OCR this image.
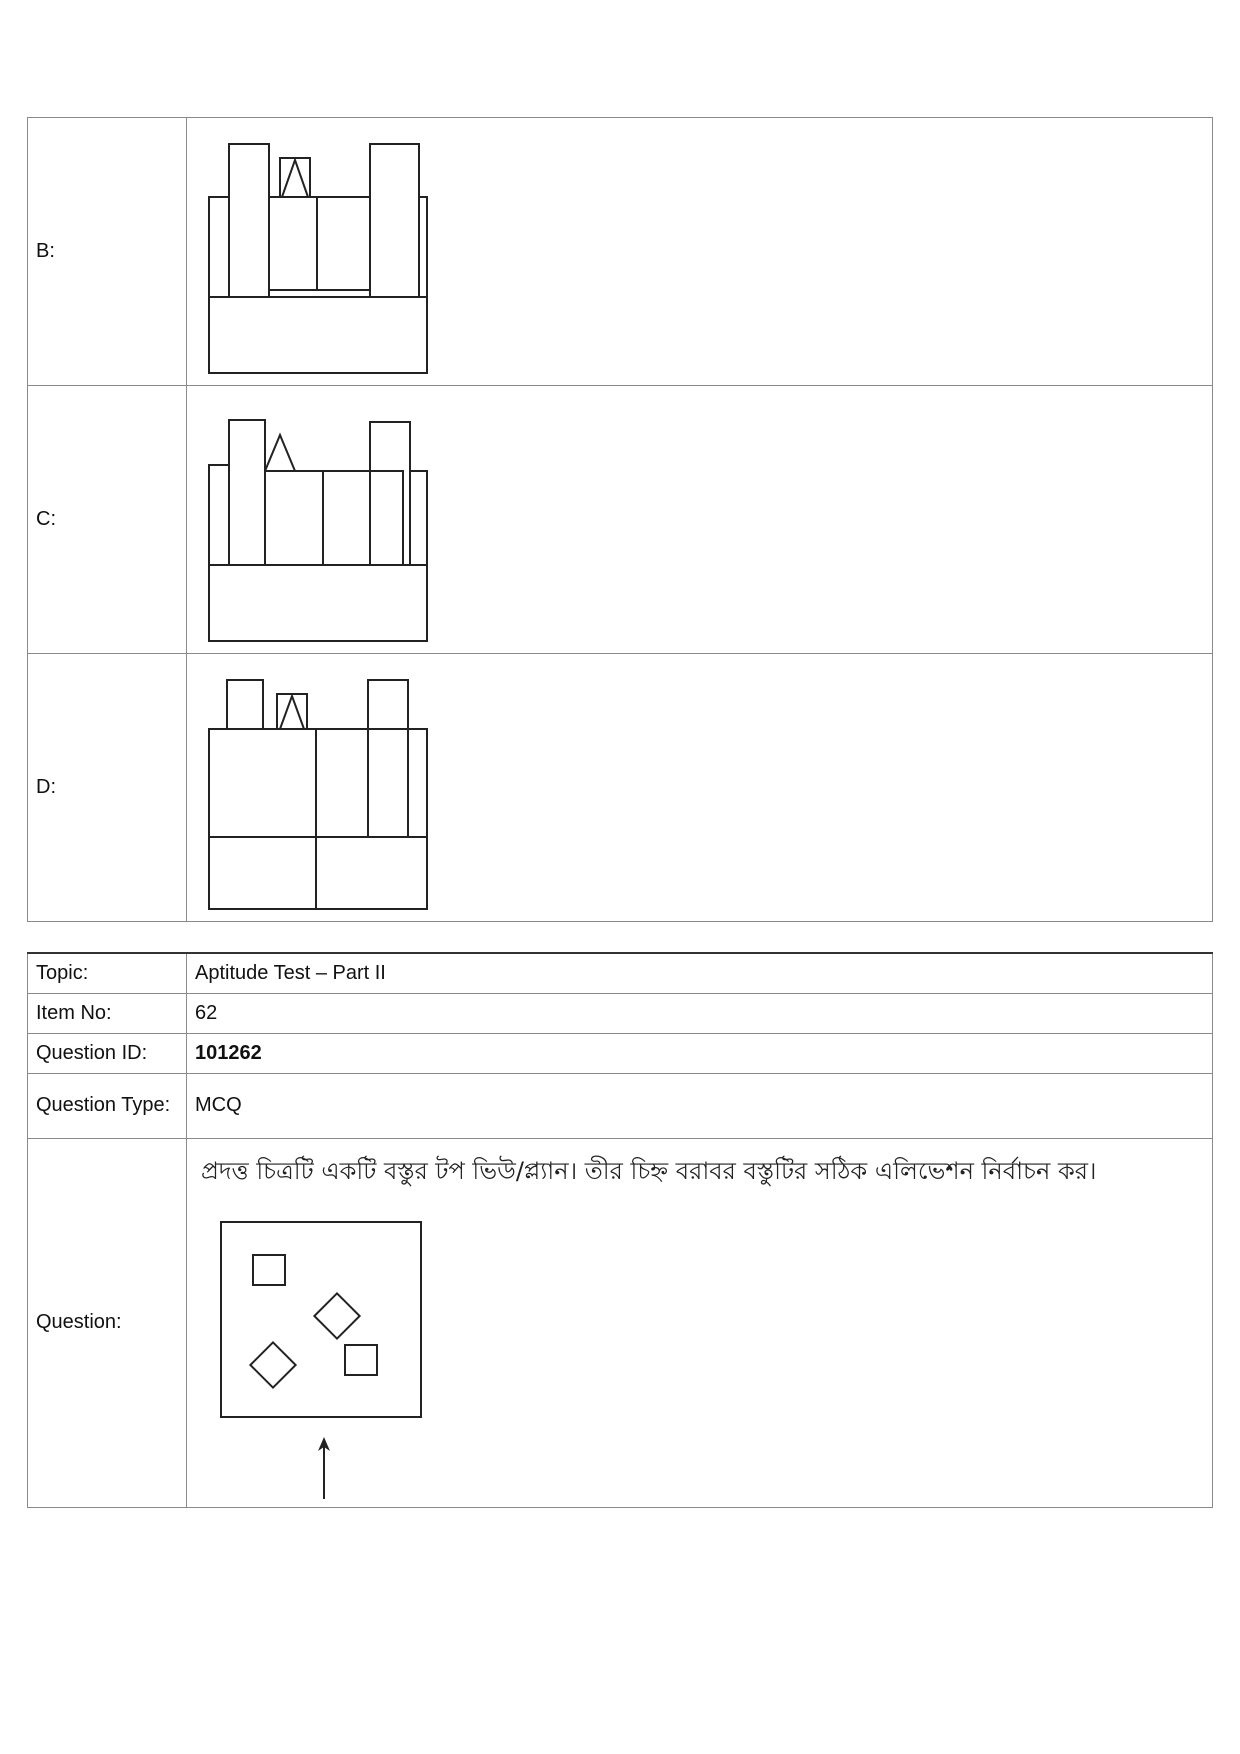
B:	

C:	

D:	
Topic:	Aptitude Test – Part II
Item No:	62
Question ID:	101262
Question Type:	MCQ
Question:	প্রদত্ত চিত্রটি একটি বস্তুর টপ ভিউ/প্ল্যান। তীর চিহ্ন বরাবর বস্তুটির সঠিক এলিভেশন নির্বাচন কর।
